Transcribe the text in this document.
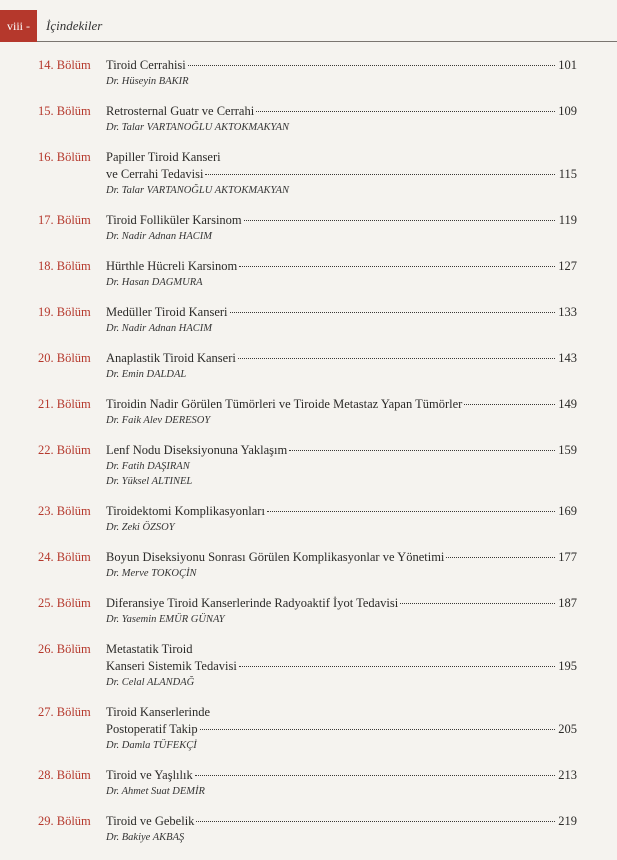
viii -	İçindekiler
14. Bölüm Tiroid Cerrahisi	101
Dr. Hüseyin BAKIR
15. Bölüm Retrosternal Guatr ve Cerrahi	109
Dr. Talar VARTANOĞLU AKTOKMAKYAN
16. Bölüm Papiller Tiroid Kanseri
ve Cerrahi Tedavisi	115
Dr. Talar VARTANOĞLU AKTOKMAKYAN
17. Bölüm Tiroid Folliküler Karsinom	119
Dr. Nadir Adnan HACIM
18. Bölüm Hürthle Hücreli Karsinom	127
Dr. Hasan DAGMURA
19. Bölüm Medüller Tiroid Kanseri	133
Dr. Nadir Adnan HACIM
20. Bölüm Anaplastik Tiroid Kanseri	143
Dr. Emin DALDAL
21. Bölüm Tiroidin Nadir Görülen Tümörleri ve Tiroide Metastaz Yapan Tümörler	149
Dr. Faik Alev DERESOY
22. Bölüm Lenf Nodu Diseksiyonuna Yaklaşım	159
Dr. Fatih DAŞIRAN
Dr. Yüksel ALTINEL
23. Bölüm Tiroidektomi Komplikasyonları	169
Dr. Zeki ÖZSOY
24. Bölüm Boyun Diseksiyonu Sonrası Görülen Komplikasyonlar ve Yönetimi	177
Dr. Merve TOKOÇİN
25. Bölüm Diferansiye Tiroid Kanserlerinde Radyoaktif İyot Tedavisi	187
Dr. Yasemin EMÜR GÜNAY
26. Bölüm Metastatik Tiroid
Kanseri Sistemik Tedavisi	195
Dr. Celal ALANDAĞ
27. Bölüm Tiroid Kanserlerinde
Postoperatif Takip	205
Dr. Damla TÜFEKÇİ
28. Bölüm Tiroid ve Yaşlılık	213
Dr. Ahmet Suat DEMİR
29. Bölüm Tiroid ve Gebelik	219
Dr. Bakiye AKBAŞ
